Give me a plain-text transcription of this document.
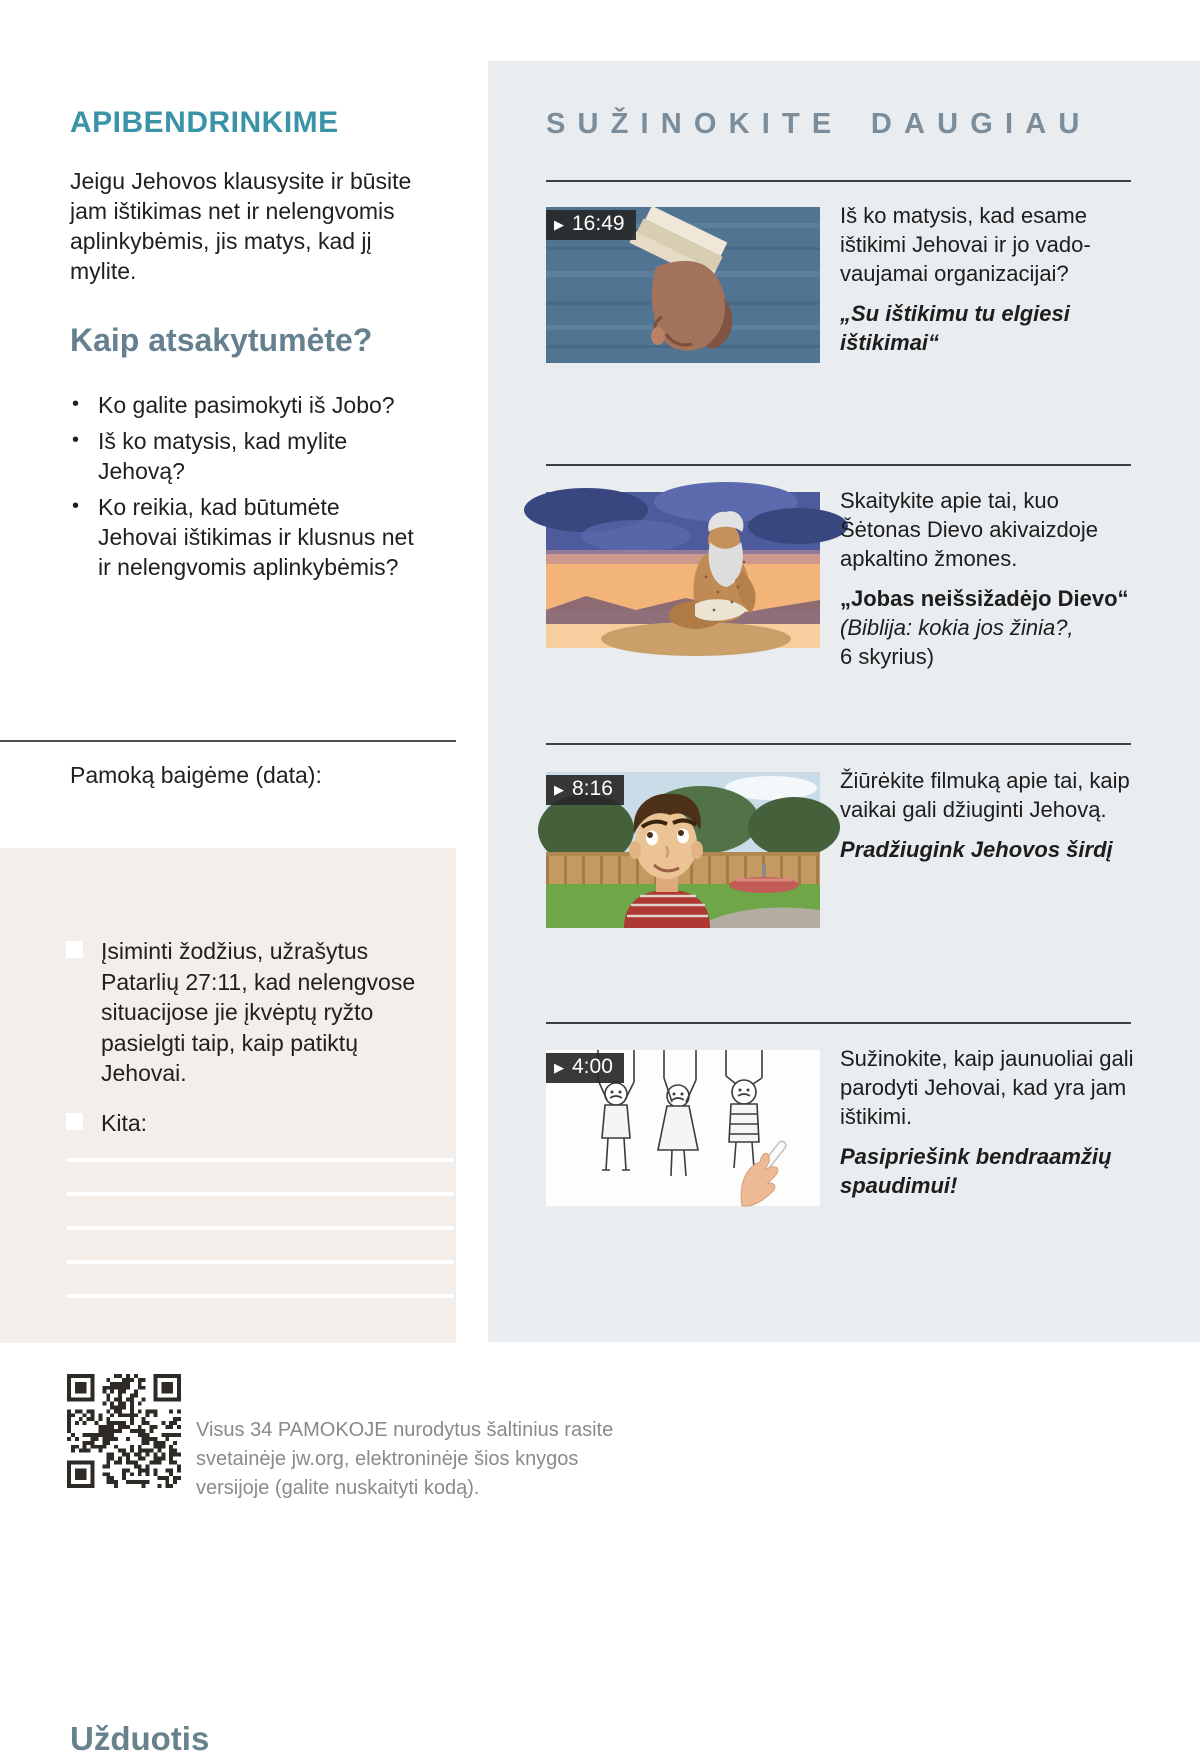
APIBENDRINKIME
Jeigu Jehovos klausysite ir būsite jam ištikimas net ir nelengvomis aplinkybėmis, jis matys, kad jį mylite.
Kaip atsakytumėte?
• Ko galite pasimokyti iš Jobo?
• Iš ko matysis, kad mylite Jehovą?
• Ko reikia, kad būtumėte Jehovai ištikimas ir klusnus net ir nelengvomis aplinkybėmis?
Pamoką baigėme (data):
Užduotis
Įsiminti žodžius, užrašytus Patarlių 27:11, kad nelengvose situacijose jie įkvėptų ryžto pasielgti taip, kaip patiktų Jehovai.
Kita:
Visus 34 PAMOKOJE nurodytus šaltinius rasite svetainėje jw.org, elektroninėje šios knygos versijoje (galite nuskaityti kodą).
SUŽINOKITE DAUGIAU
▶ 16:49	Iš ko matysis, kad esame ištikimi Jehovai ir jo vadovaujamai organizacijai?
„Su ištikimu tu elgiesi ištikimai“
Skaitykite apie tai, kuo Šėtonas Dievo akivaizdoje apkaltino žmones.
„Jobas neišsižadėjo Dievo“
(Biblija: kokia jos žinia?,
6 skyrius)
▶ 8:16	Žiūrėkite filmuką apie tai, kaip vaikai gali džiuginti Jehovą.
Pradžiugink Jehovos širdį
▶ 4:00	Sužinokite, kaip jaunuoliai gali parodyti Jehovai, kad yra jam ištikimi.
Pasipriešink bendraamžių spaudimui!
